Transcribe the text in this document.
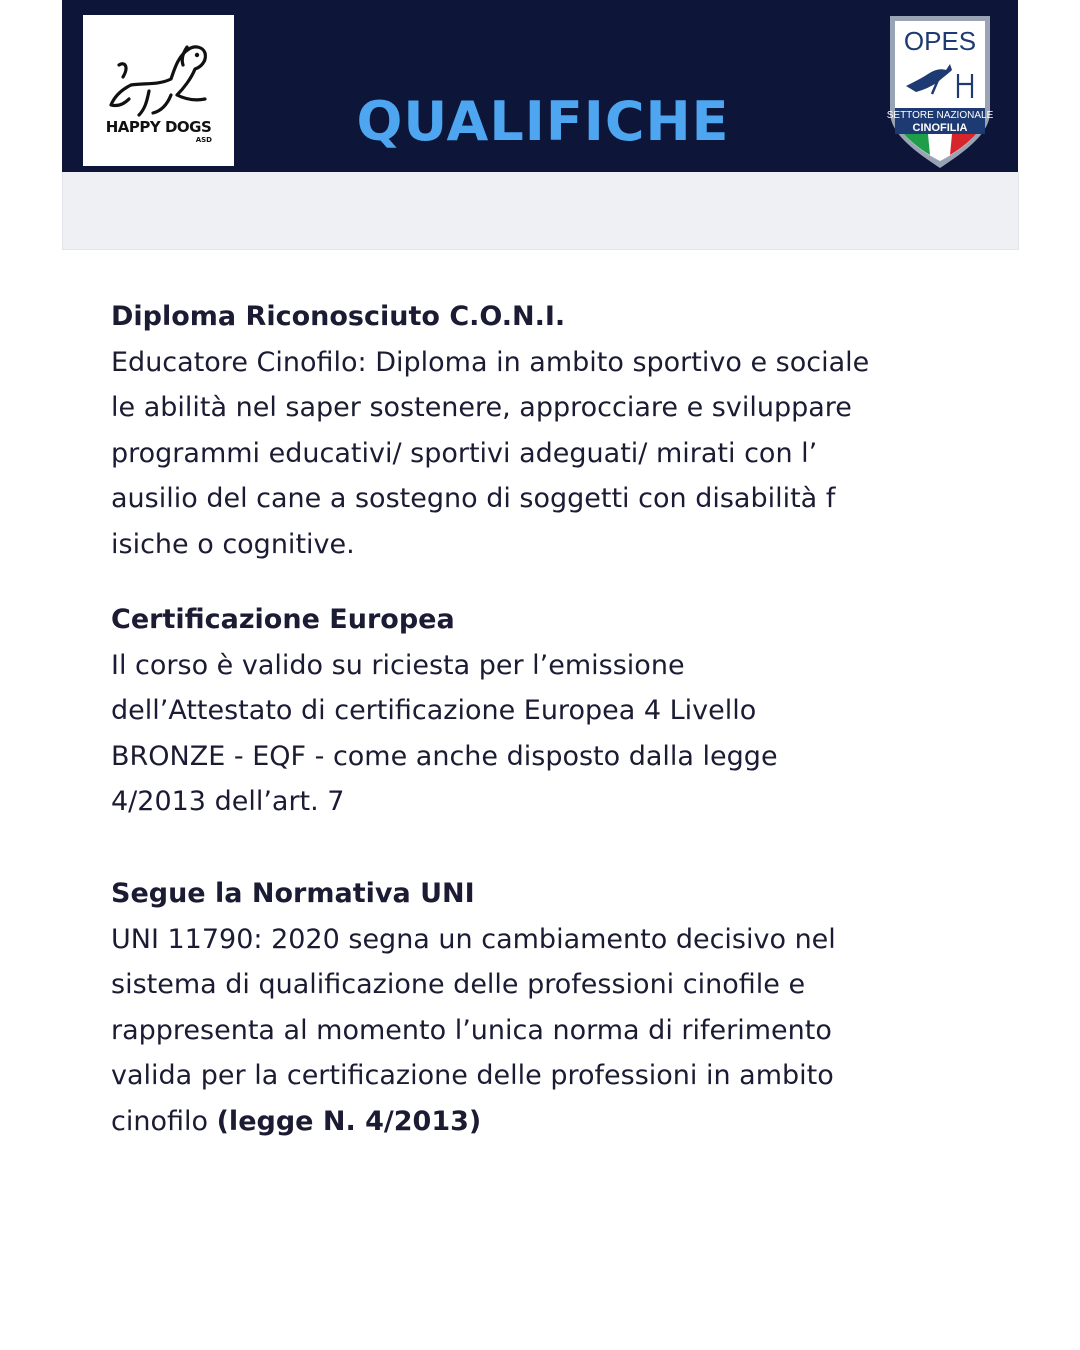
HAPPY DOGS
ASD	QUALIFICHE
OPES
SETTORE NAZIONALE
CINOFILIA
Diploma Riconosciuto C.O.N.I.

Educatore Cinofilo: Diploma in ambito sportivo e sociale
le abilità nel saper sostenere, approcciare e sviluppare
programmi educativi/ sportivi adeguati/ mirati con l’
ausilio del cane a sostegno di soggetti con disabilità f
isiche o cognitive.

Certificazione Europea

Il corso è valido su riciesta per l’emissione
dell’Attestato di certificazione Europea 4 Livello
BRONZE - EQF - come anche disposto dalla legge
4/2013 dell’art. 7

Segue la Normativa UNI

UNI 11790: 2020 segna un cambiamento decisivo nel
sistema di qualificazione delle professioni cinofile e
rappresenta al momento l’unica norma di riferimento
valida per la certificazione delle professioni in ambito
cinofilo (legge N. 4/2013)
